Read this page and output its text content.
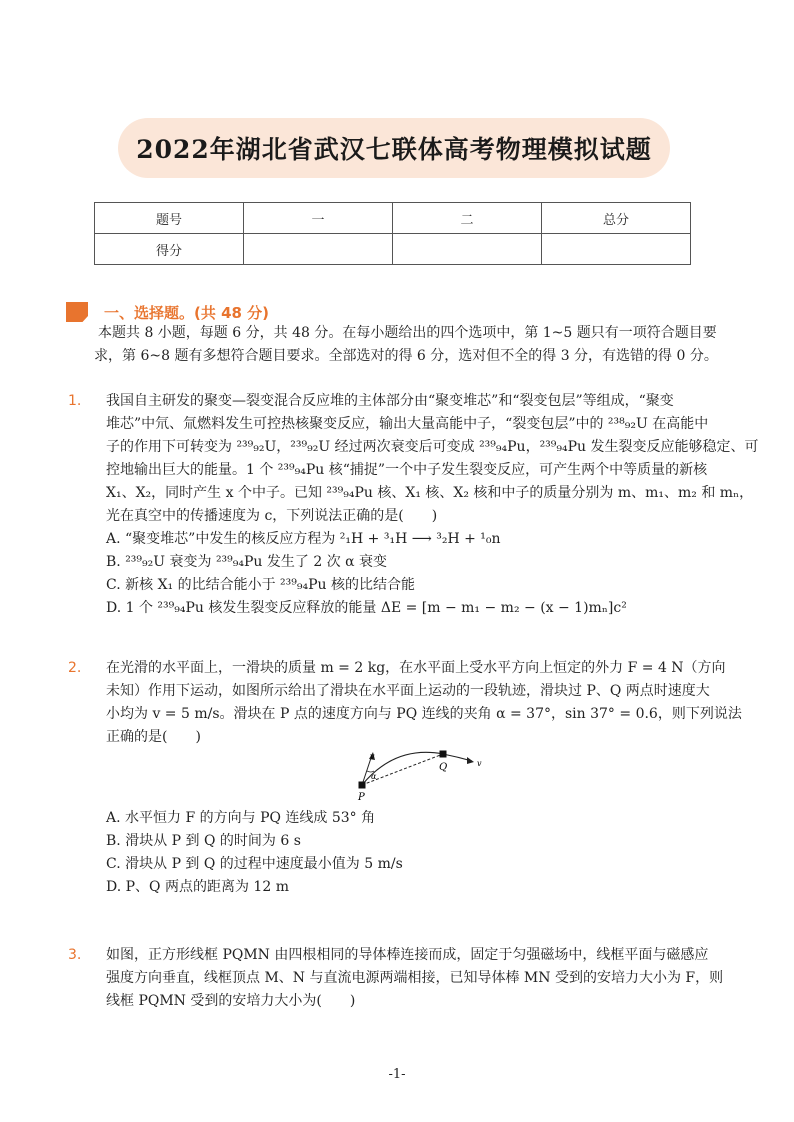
2022年湖北省武汉七联体高考物理模拟试题
题号	一	二	总分
得分			
一、选择题。(共 48 分)
本题共 8 小题，每题 6 分，共 48 分。在每小题给出的四个选项中，第 1~5 题只有一项符合题目要
求，第 6~8 题有多想符合题目要求。全部选对的得 6 分，选对但不全的得 3 分，有选错的得 0 分。
1. 我国自主研发的聚变—裂变混合反应堆的主体部分由“聚变堆芯”和“裂变包层”等组成，“聚变
堆芯”中氘、氚燃料发生可控热核聚变反应，输出大量高能中子，“裂变包层”中的 ²³⁸₉₂U 在高能中
子的作用下可转变为 ²³⁹₉₂U，²³⁹₉₂U 经过两次衰变后可变成 ²³⁹₉₄Pu，²³⁹₉₄Pu 发生裂变反应能够稳定、可
控地输出巨大的能量。1 个 ²³⁹₉₄Pu 核“捕捉”一个中子发生裂变反应，可产生两个中等质量的新核
X₁、X₂，同时产生 x 个中子。已知 ²³⁹₉₄Pu 核、X₁ 核、X₂ 核和中子的质量分别为 m、m₁、m₂ 和 mₙ，
光在真空中的传播速度为 c，下列说法正确的是(　　)
A. “聚变堆芯”中发生的核反应方程为 ²₁H + ³₁H ⟶ ³₂H + ¹₀n
B. ²³⁹₉₂U 衰变为 ²³⁹₉₄Pu 发生了 2 次 α 衰变
C. 新核 X₁ 的比结合能小于 ²³⁹₉₄Pu 核的比结合能
D. 1 个 ²³⁹₉₄Pu 核发生裂变反应释放的能量 ΔE = [m − m₁ − m₂ − (x − 1)mₙ]c²
2. 在光滑的水平面上，一滑块的质量 m = 2 kg，在水平面上受水平方向上恒定的外力 F = 4 N（方向
未知）作用下运动，如图所示给出了滑块在水平面上运动的一段轨迹，滑块过 P、Q 两点时速度大
小均为 v = 5 m/s。滑块在 P 点的速度方向与 PQ 连线的夹角 α = 37°，sin 37° = 0.6，则下列说法
正确的是(　　)
P
Q
v
v
α
A. 水平恒力 F 的方向与 PQ 连线成 53° 角
B. 滑块从 P 到 Q 的时间为 6 s
C. 滑块从 P 到 Q 的过程中速度最小值为 5 m/s
D. P、Q 两点的距离为 12 m
3. 如图，正方形线框 PQMN 由四根相同的导体棒连接而成，固定于匀强磁场中，线框平面与磁感应
强度方向垂直，线框顶点 M、N 与直流电源两端相接，已知导体棒 MN 受到的安培力大小为 F，则
线框 PQMN 受到的安培力大小为(　　)
-1-
